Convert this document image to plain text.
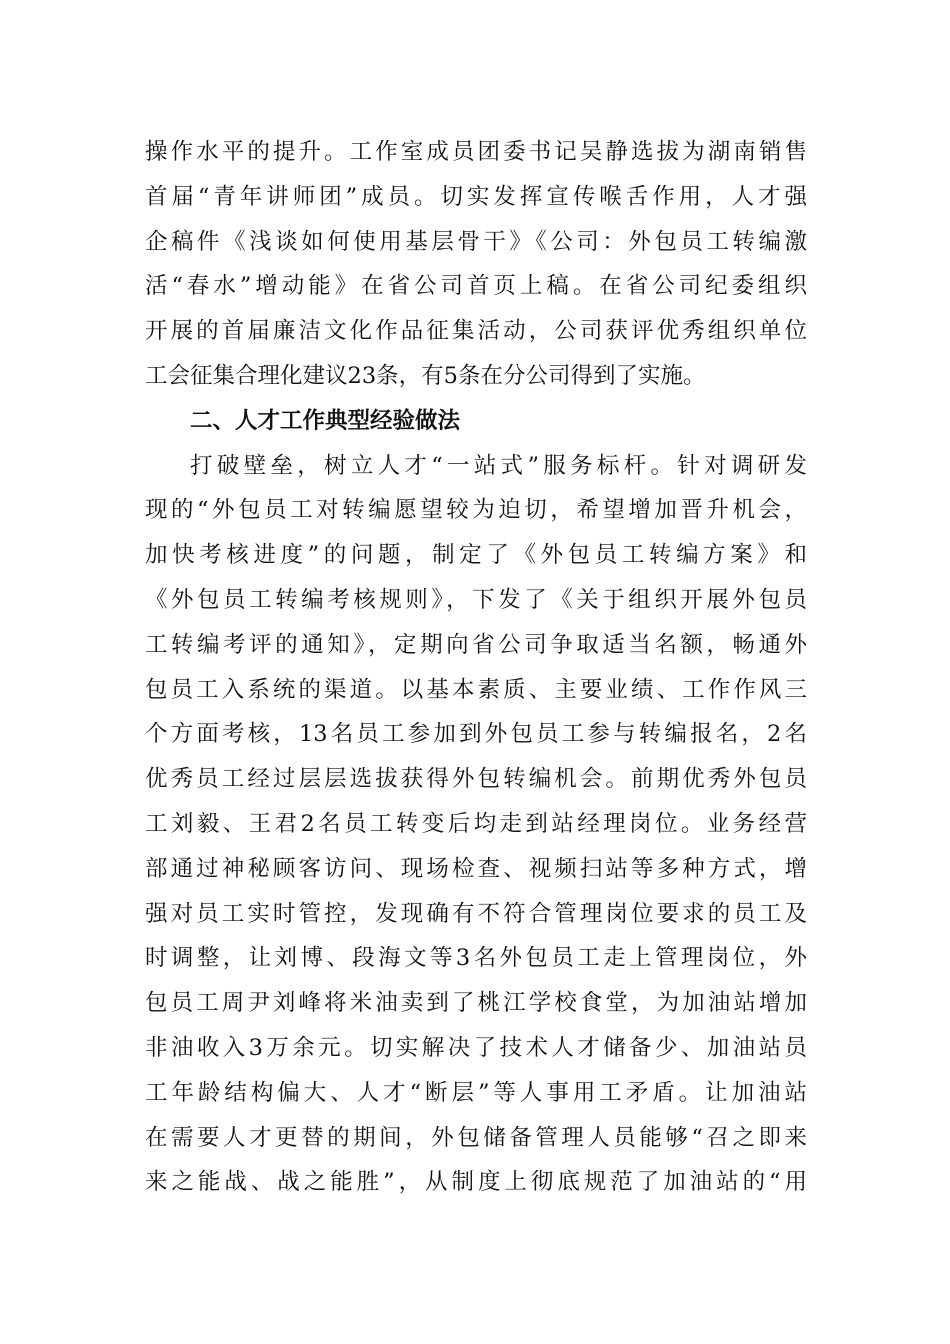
操作水平的提升。工作室成员团委书记吴静选拔为湖南销售
首届“青年讲师团”成员。切实发挥宣传喉舌作用，人才强
企稿件《浅谈如何使用基层骨干》《公司：外包员工转编激
活“春水”增动能》在省公司首页上稿。在省公司纪委组织
开展的首届廉洁文化作品征集活动，公司获评优秀组织单位
工会征集合理化建议23条，有5条在分公司得到了实施。
二、人才工作典型经验做法
打破壁垒，树立人才“一站式”服务标杆。针对调研发
现的“外包员工对转编愿望较为迫切，希望增加晋升机会，
加快考核进度”的问题，制定了《外包员工转编方案》和
《外包员工转编考核规则》，下发了《关于组织开展外包员
工转编考评的通知》，定期向省公司争取适当名额，畅通外
包员工入系统的渠道。以基本素质、主要业绩、工作作风三
个方面考核，13名员工参加到外包员工参与转编报名，2名
优秀员工经过层层选拔获得外包转编机会。前期优秀外包员
工刘毅、王君2名员工转变后均走到站经理岗位。业务经营
部通过神秘顾客访问、现场检查、视频扫站等多种方式，增
强对员工实时管控，发现确有不符合管理岗位要求的员工及
时调整，让刘博、段海文等3名外包员工走上管理岗位，外
包员工周尹刘峰将米油卖到了桃江学校食堂，为加油站增加
非油收入3万余元。切实解决了技术人才储备少、加油站员
工年龄结构偏大、人才“断层”等人事用工矛盾。让加油站
在需要人才更替的期间，外包储备管理人员能够“召之即来
来之能战、战之能胜”，从制度上彻底规范了加油站的“用
